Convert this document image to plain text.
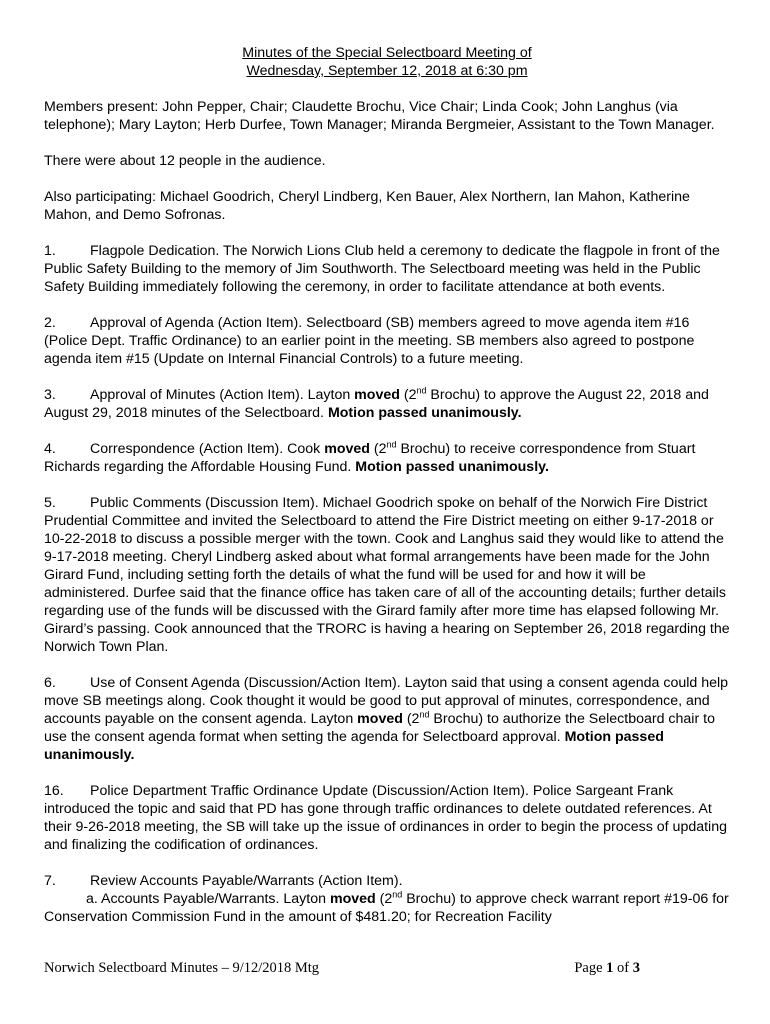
Minutes of the Special Selectboard Meeting of

Wednesday, September 12, 2018 at 6:30 pm

Members present: John Pepper, Chair; Claudette Brochu, Vice Chair; Linda Cook; John Langhus (via telephone); Mary Layton; Herb Durfee, Town Manager; Miranda Bergmeier, Assistant to the Town Manager.

There were about 12 people in the audience.

Also participating: Michael Goodrich, Cheryl Lindberg, Ken Bauer, Alex Northern, Ian Mahon, Katherine Mahon, and Demo Sofronas.

1. Flagpole Dedication. The Norwich Lions Club held a ceremony to dedicate the flagpole in front of the Public Safety Building to the memory of Jim Southworth. The Selectboard meeting was held in the Public Safety Building immediately following the ceremony, in order to facilitate attendance at both events.

2. Approval of Agenda (Action Item). Selectboard (SB) members agreed to move agenda item #16 (Police Dept. Traffic Ordinance) to an earlier point in the meeting. SB members also agreed to postpone agenda item #15 (Update on Internal Financial Controls) to a future meeting.

3. Approval of Minutes (Action Item). Layton moved (2nd Brochu) to approve the August 22, 2018 and August 29, 2018 minutes of the Selectboard. Motion passed unanimously.

4. Correspondence (Action Item). Cook moved (2nd Brochu) to receive correspondence from Stuart Richards regarding the Affordable Housing Fund. Motion passed unanimously.

5. Public Comments (Discussion Item). Michael Goodrich spoke on behalf of the Norwich Fire District Prudential Committee and invited the Selectboard to attend the Fire District meeting on either 9-17-2018 or 10-22-2018 to discuss a possible merger with the town. Cook and Langhus said they would like to attend the 9-17-2018 meeting. Cheryl Lindberg asked about what formal arrangements have been made for the John Girard Fund, including setting forth the details of what the fund will be used for and how it will be administered. Durfee said that the finance office has taken care of all of the accounting details; further details regarding use of the funds will be discussed with the Girard family after more time has elapsed following Mr. Girard’s passing. Cook announced that the TRORC is having a hearing on September 26, 2018 regarding the Norwich Town Plan.

6. Use of Consent Agenda (Discussion/Action Item). Layton said that using a consent agenda could help move SB meetings along. Cook thought it would be good to put approval of minutes, correspondence, and accounts payable on the consent agenda. Layton moved (2nd Brochu) to authorize the Selectboard chair to use the consent agenda format when setting the agenda for Selectboard approval. Motion passed unanimously.

16. Police Department Traffic Ordinance Update (Discussion/Action Item). Police Sargeant Frank introduced the topic and said that PD has gone through traffic ordinances to delete outdated references. At their 9-26-2018 meeting, the SB will take up the issue of ordinances in order to begin the process of updating and finalizing the codification of ordinances.

7. Review Accounts Payable/Warrants (Action Item).

a. Accounts Payable/Warrants. Layton moved (2nd Brochu) to approve check warrant report #19-06 for Conservation Commission Fund in the amount of $481.20; for Recreation Facility

Norwich Selectboard Minutes – 9/12/2018 Mtg	Page 1 of 3
